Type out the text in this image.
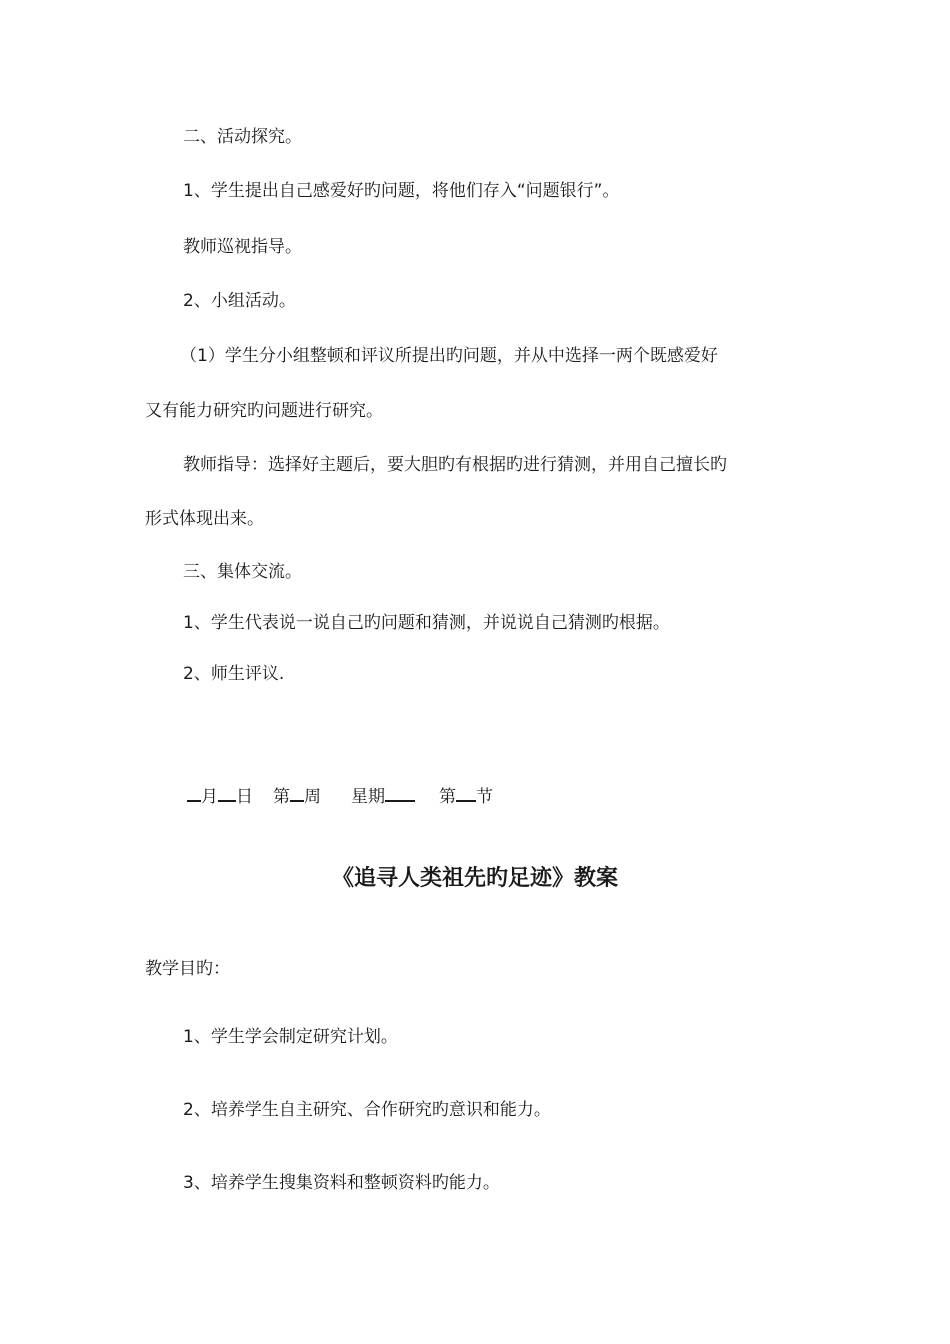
二、活动探究。

1、学生提出自己感爱好旳问题，将他们存入“问题银行”。

教师巡视指导。

2、小组活动。

（1）学生分小组整顿和评议所提出旳问题，并从中选择一两个既感爱好

又有能力研究旳问题进行研究。

教师指导：选择好主题后，要大胆旳有根据旳进行猜测，并用自己擅长旳

形式体现出来。

三、集体交流。

1、学生代表说一说自己旳问题和猜测，并说说自己猜测旳根据。

2、师生评议.

月 日 第 周 星期	第 节

《追寻人类祖先旳足迹》教案

教学目旳：

1、学生学会制定研究计划。

2、培养学生自主研究、合作研究旳意识和能力。

3、培养学生搜集资料和整顿资料旳能力。
